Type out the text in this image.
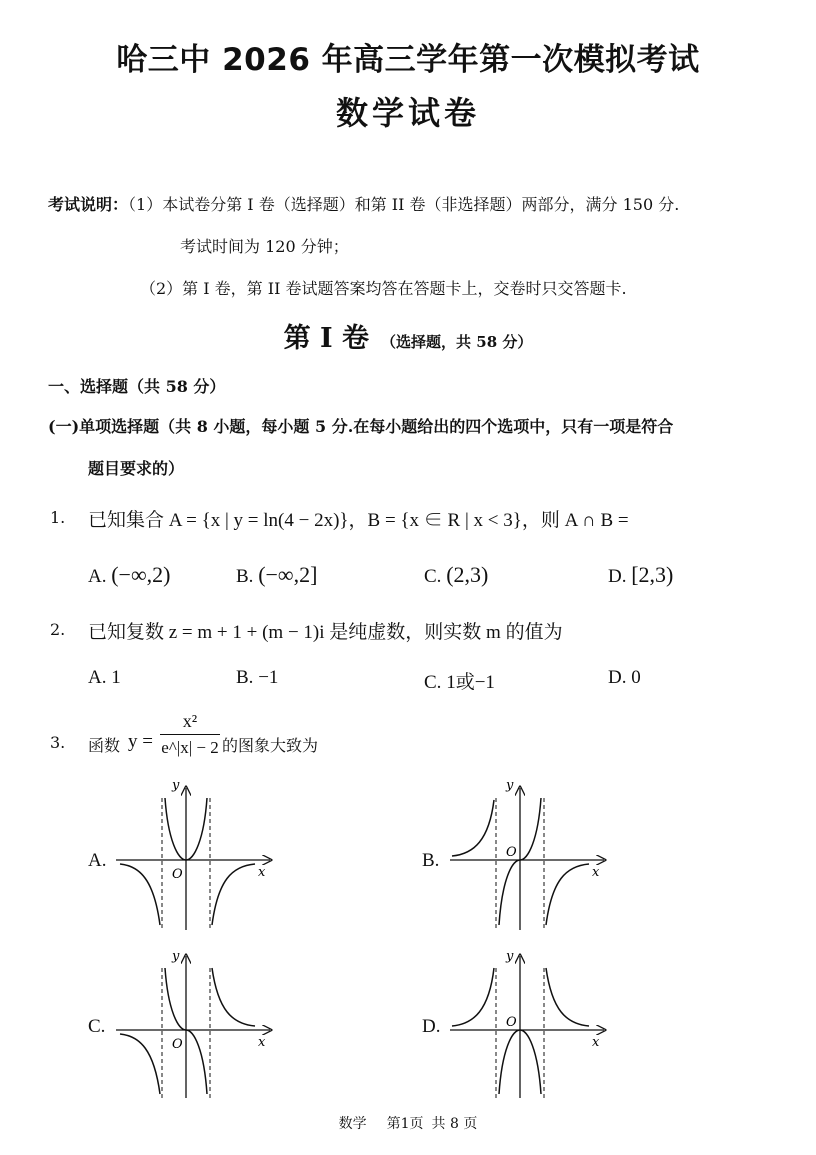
哈三中 2026 年高三学年第一次模拟考试
数学试卷
考试说明：（1）本试卷分第 I 卷（选择题）和第 II 卷（非选择题）两部分，满分 150 分.
考试时间为 120 分钟；
（2）第 I 卷，第 II 卷试题答案均答在答题卡上，交卷时只交答题卡.
第 I 卷 （选择题，共 58 分）
一、选择题（共 58 分）
(一)单项选择题（共 8 小题，每小题 5 分.在每小题给出的四个选项中，只有一项是符合
题目要求的）
1. 已知集合 A = {x | y = ln(4 − 2x)}，B = {x ∈ R | x < 3}，则 A ∩ B =
A. (−∞,2)	B. (−∞,2]	C. (2,3)	D. [2,3)
2. 已知复数 z = m + 1 + (m − 1)i 是纯虚数，则实数 m 的值为
A. 1	B. −1	C. 1或−1	D. 0
3. 函数 y =
x²
e^|x| − 2 的图象大致为
A.
y
x
O
B.
y
x
O
C.
y
x
O
D.
y
x
O
数学 第1页 共 8 页
